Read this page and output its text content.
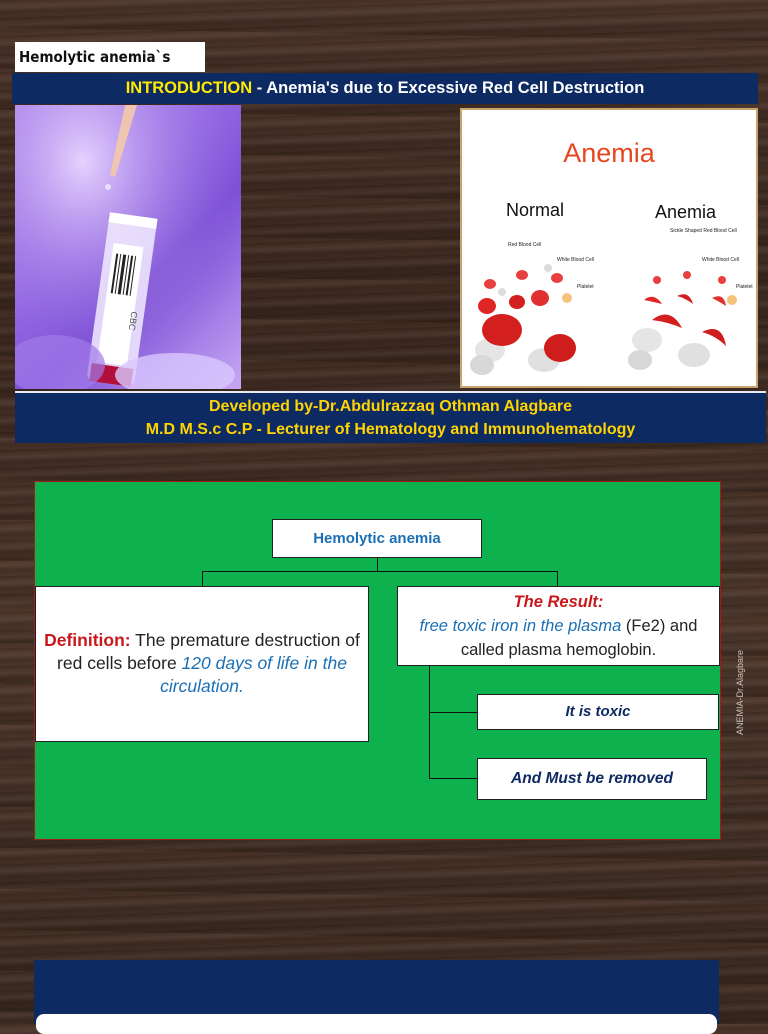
Hemolytic anemia`s
INTRODUCTION - Anemia's due to Excessive Red Cell Destruction
CBC
Anemia
Normal	Anemia
Red Blood Cell
White Blood Cell
Platelet
Sickle Shaped Red Blood Cell
White Blood Cell
Platelet
Developed by-Dr.Abdulrazzaq Othman Alagbare
M.D M.S.c C.P - Lecturer of Hematology and Immunohematology
Hemolytic anemia
Definition: The premature destruction of red cells before 120 days of life in the circulation.
The Result:
free toxic iron in the plasma (Fe2) and called plasma hemoglobin.
It is toxic
And Must be removed
ANEMIA-Dr.Alagbare
